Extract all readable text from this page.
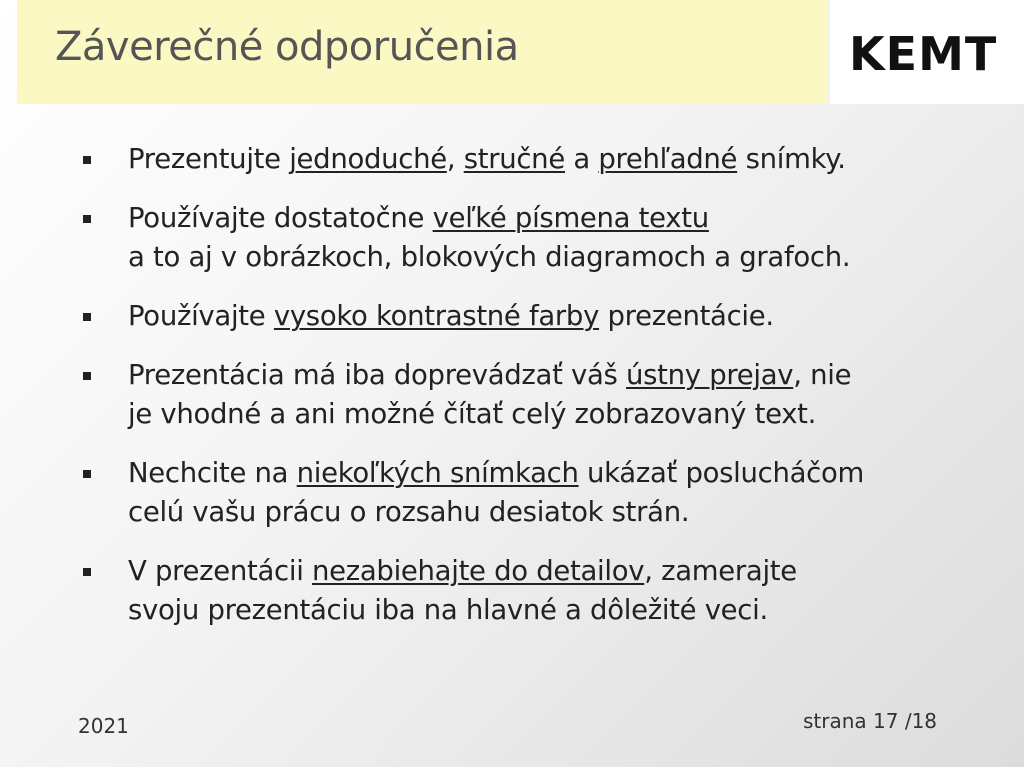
Záverečné odporučenia	KEMT
Prezentujte jednoduché, stručné a prehľadné snímky.
Používajte dostatočne veľké písmena textu
a to aj v obrázkoch, blokových diagramoch a grafoch.
Používajte vysoko kontrastné farby prezentácie.
Prezentácia má iba doprevádzať váš ústny prejav, nie
je vhodné a ani možné čítať celý zobrazovaný text.
Nechcite na niekoľkých snímkach ukázať poslucháčom
celú vašu prácu o rozsahu desiatok strán.
V prezentácii nezabiehajte do detailov, zamerajte
svoju prezentáciu iba na hlavné a dôležité veci.
2021	strana 17 /18
